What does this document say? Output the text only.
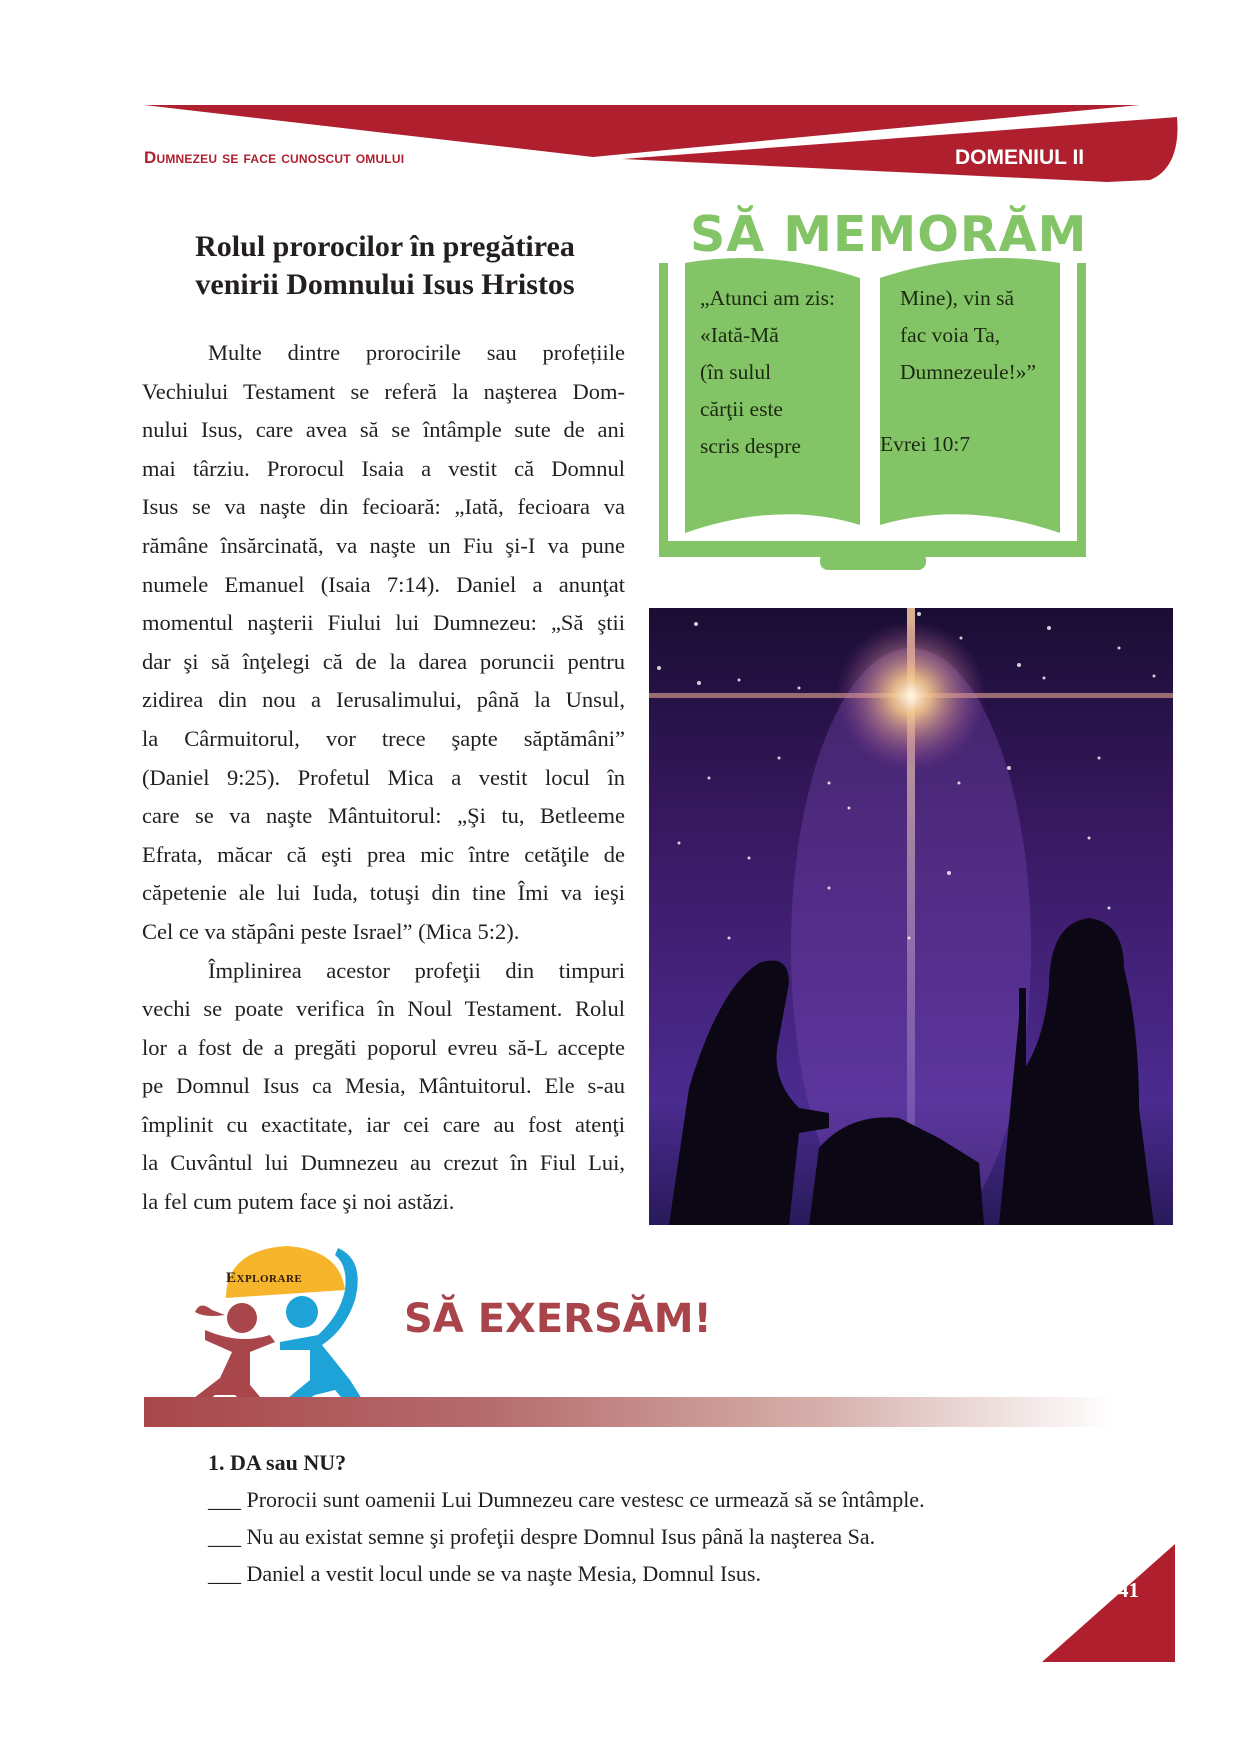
Dumnezeu se face cunoscut omului	DOMENIUL II
Rolul prorocilor în pregătirea
venirii Domnului Isus Hristos
Multe dintre prorocirile sau profețiile
Vechiului Testament se referă la naşterea Dom-
nului Isus, care avea să se întâmple sute de ani
mai târziu. Prorocul Isaia a vestit că Domnul
Isus se va naşte din fecioară: „Iată, fecioara va
rămâne însărcinată, va naşte un Fiu şi-I va pune
numele Emanuel (Isaia 7:14). Daniel a anunţat
momentul naşterii Fiului lui Dumnezeu: „Să ştii
dar şi să înţelegi că de la darea poruncii pentru
zidirea din nou a Ierusalimului, până la Unsul,
la Cârmuitorul, vor trece şapte săptămâni”
(Daniel 9:25). Profetul Mica a vestit locul în
care se va naşte Mântuitorul: „Şi tu, Betleeme
Efrata, măcar că eşti prea mic între cetăţile de
căpetenie ale lui Iuda, totuşi din tine Îmi va ieşi
Cel ce va stăpâni peste Israel” (Mica 5:2).
Împlinirea acestor profeţii din timpuri
vechi se poate verifica în Noul Testament. Rolul
lor a fost de a pregăti poporul evreu să-L accepte
pe Domnul Isus ca Mesia, Mântuitorul. Ele s-au
împlinit cu exactitate, iar cei care au fost atenţi
la Cuvântul lui Dumnezeu au crezut în Fiul Lui,
la fel cum putem face şi noi astăzi.
SĂ MEMORĂM
„Atunci am zis:
«Iată-Mă
(în sulul
cărţii este
scris despre
Mine), vin să
fac voia Ta,
Dumnezeule!»”
Evrei 10:7
Explorare
SĂ EXERSĂM!
1. DA sau NU?
___ Prorocii sunt oamenii Lui Dumnezeu care vestesc ce urmează să se întâmple.
___ Nu au existat semne şi profeţii despre Domnul Isus până la naşterea Sa.
___ Daniel a vestit locul unde se va naşte Mesia, Domnul Isus.
41
